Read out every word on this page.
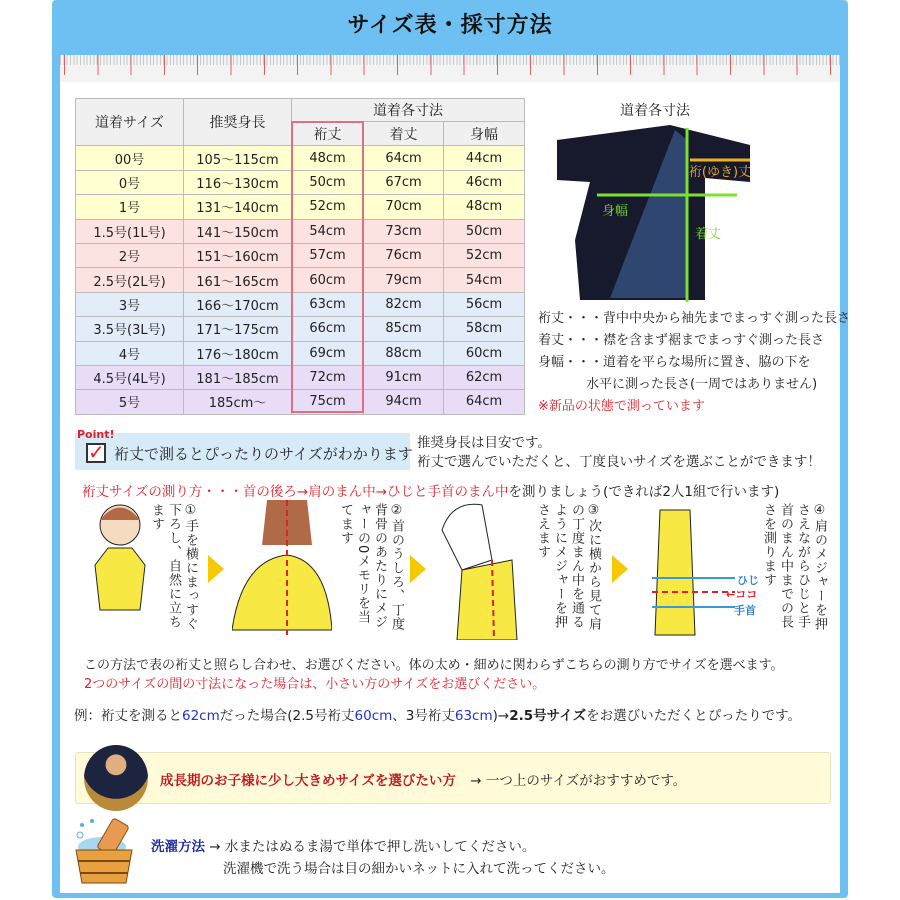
サイズ表・採寸方法
道着サイズ	推奨身長	道着各寸法		
		裄丈	着丈	身幅
00号	105〜115cm	48cm	64cm	44cm
0号	116〜130cm	50cm	67cm	46cm
1号	131〜140cm	52cm	70cm	48cm
1.5号(1L号)	141〜150cm	54cm	73cm	50cm
2号	151〜160cm	57cm	76cm	52cm
2.5号(2L号)	161〜165cm	60cm	79cm	54cm
3号	166〜170cm	63cm	82cm	56cm
3.5号(3L号)	171〜175cm	66cm	85cm	58cm
4号	176〜180cm	69cm	88cm	60cm
4.5号(4L号)	181〜185cm	72cm	91cm	62cm
5号	185cm〜	75cm	94cm	64cm
道着各寸法
裄(ゆき)丈
身幅
着丈
裄丈・・・背中中央から袖先までまっすぐ測った長さ
着丈・・・襟を含まず裾までまっすぐ測った長さ
身幅・・・道着を平らな場所に置き、脇の下を
水平に測った長さ(一周ではありません)
※新品の状態で測っています
Point!
✓ 裄丈で測るとぴったりのサイズがわかります
推奨身長は目安です。
裄丈で選んでいただくと、丁度良いサイズを選ぶことができます！
裄丈サイズの測り方・・・首の後ろ→肩のまん中→ひじと手首のまん中を測りましょう(できれば2人1組で行います)
①手を横にまっすぐ下ろし、自然に立ちます	②首のうしろ、丁度背骨のあたりにメジャーの0メモリを当てます	③次に横から見て肩の丁度まん中を通るようにメジャーを押さえます
ひじ
←ココ
手首	④肩のメジャーを押さえながらひじと手首のまん中までの長さを測ります
この方法で表の裄丈と照らし合わせ、お選びください。体の太め・細めに関わらずこちらの測り方でサイズを選べます。
2つのサイズの間の寸法になった場合は、小さい方のサイズをお選びください。
例：裄丈を測ると62cmだった場合(2.5号裄丈60cm、3号裄丈63cm)→2.5号サイズをお選びいただくとぴったりです。
成長期のお子様に少し大きめサイズを選びたい方 → 一つ上のサイズがおすすめです。
洗濯方法 → 水またはぬるま湯で単体で押し洗いしてください。
洗濯機で洗う場合は目の細かいネットに入れて洗ってください。
